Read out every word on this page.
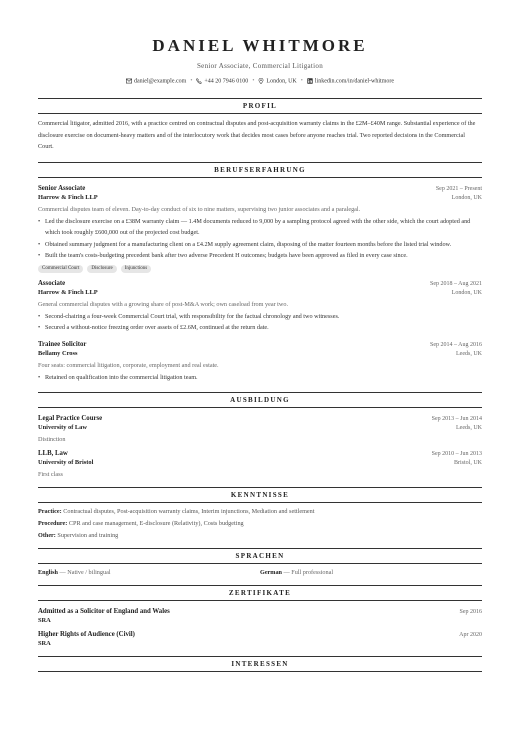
DANIEL WHITMORE
Senior Associate, Commercial Litigation
daniel@example.com •	+44 20 7946 0100 •	London, UK •	linkedin.com/in/daniel-whitmore
PROFIL

Commercial litigator, admitted 2016, with a practice centred on contractual disputes and post-acquisition warranty claims in the £2M–£40M range. Substantial experience of the disclosure exercise on document-heavy matters and of the interlocutory work that decides most cases before anyone reaches trial. Two reported decisions in the Commercial Court.

BERUFSERFAHRUNG
Senior Associate	Sep 2021 – Present
Harrow & Finch LLP	London, UK
Commercial disputes team of eleven. Day-to-day conduct of six to nine matters, supervising two junior associates and a paralegal.
• Led the disclosure exercise on a £38M warranty claim — 1.4M documents reduced to 9,000 by a sampling protocol agreed with the other side, which the court adopted and which took roughly £600,000 out of the projected cost budget.
• Obtained summary judgment for a manufacturing client on a £4.2M supply agreement claim, disposing of the matter fourteen months before the listed trial window.
• Built the team's costs-budgeting precedent bank after two adverse Precedent H outcomes; budgets have been approved as filed in every case since.
Commercial Court	Disclosure	Injunctions
Associate	Sep 2018 – Aug 2021
Harrow & Finch LLP	London, UK
General commercial disputes with a growing share of post-M&A work; own caseload from year two.
• Second-chairing a four-week Commercial Court trial, with responsibility for the factual chronology and two witnesses.
• Secured a without-notice freezing order over assets of £2.6M, continued at the return date.
Trainee Solicitor	Sep 2014 – Aug 2016
Bellamy Cross	Leeds, UK
Four seats: commercial litigation, corporate, employment and real estate.
• Retained on qualification into the commercial litigation team.
AUSBILDUNG
Legal Practice Course	Sep 2013 – Jun 2014
University of Law	Leeds, UK
Distinction
LLB, Law	Sep 2010 – Jun 2013
University of Bristol	Bristol, UK
First class
KENNTNISSE
Practice: Contractual disputes, Post-acquisition warranty claims, Interim injunctions, Mediation and settlement
Procedure: CPR and case management, E-disclosure (Relativity), Costs budgeting
Other: Supervision and training
SPRACHEN
English — Native / bilingual	German — Full professional
ZERTIFIKATE
Admitted as a Solicitor of England and Wales	Sep 2016
SRA
Higher Rights of Audience (Civil)	Apr 2020
SRA
INTERESSEN
